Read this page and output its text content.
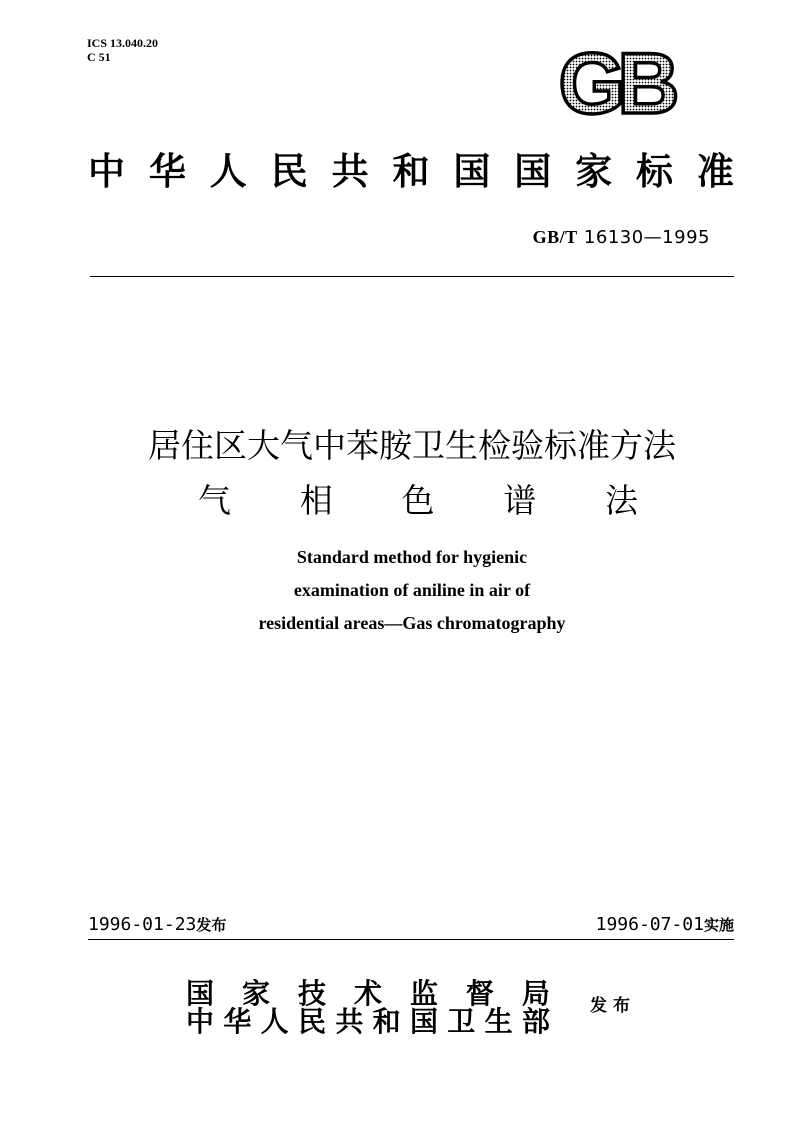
ICS 13.040.20
C 51	GB
中 华 人 民 共 和 国 国 家 标 准
GB/T 16130—1995
居住区大气中苯胺卫生检验标准方法
气 相 色 谱 法
Standard method for hygienic
examination of aniline in air of
residential areas—Gas chromatography
1996-01-23发布	1996-07-01实施
国 家 技 术 监 督 局
中 华 人 民 共 和 国 卫 生 部 发布
